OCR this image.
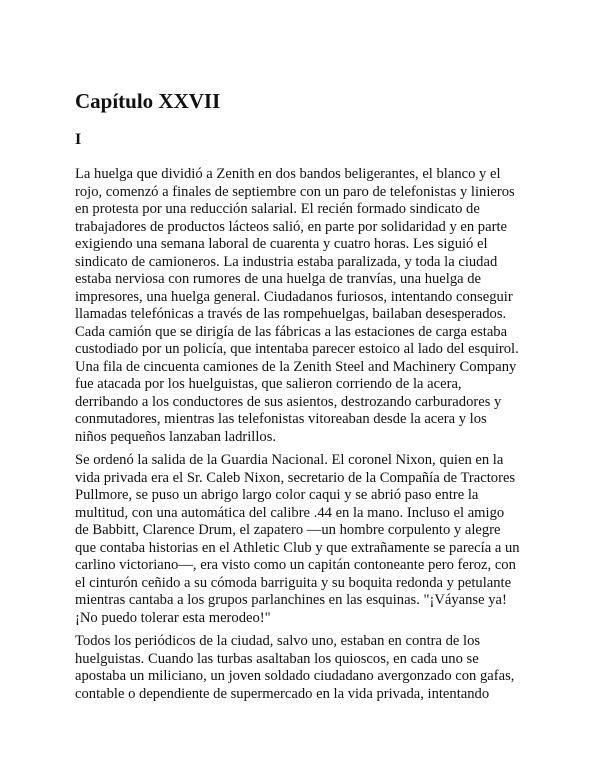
Capítulo XXVII
I
La huelga que dividió a Zenith en dos bandos beligerantes, el blanco y el
rojo, comenzó a finales de septiembre con un paro de telefonistas y linieros
en protesta por una reducción salarial. El recién formado sindicato de
trabajadores de productos lácteos salió, en parte por solidaridad y en parte
exigiendo una semana laboral de cuarenta y cuatro horas. Les siguió el
sindicato de camioneros. La industria estaba paralizada, y toda la ciudad
estaba nerviosa con rumores de una huelga de tranvías, una huelga de
impresores, una huelga general. Ciudadanos furiosos, intentando conseguir
llamadas telefónicas a través de las rompehuelgas, bailaban desesperados.
Cada camión que se dirigía de las fábricas a las estaciones de carga estaba
custodiado por un policía, que intentaba parecer estoico al lado del esquirol.
Una fila de cincuenta camiones de la Zenith Steel and Machinery Company
fue atacada por los huelguistas, que salieron corriendo de la acera,
derribando a los conductores de sus asientos, destrozando carburadores y
conmutadores, mientras las telefonistas vitoreaban desde la acera y los
niños pequeños lanzaban ladrillos.
Se ordenó la salida de la Guardia Nacional. El coronel Nixon, quien en la
vida privada era el Sr. Caleb Nixon, secretario de la Compañía de Tractores
Pullmore, se puso un abrigo largo color caqui y se abrió paso entre la
multitud, con una automática del calibre .44 en la mano. Incluso el amigo
de Babbitt, Clarence Drum, el zapatero —un hombre corpulento y alegre
que contaba historias en el Athletic Club y que extrañamente se parecía a un
carlino victoriano—, era visto como un capitán contoneante pero feroz, con
el cinturón ceñido a su cómoda barriguita y su boquita redonda y petulante
mientras cantaba a los grupos parlanchines en las esquinas. "¡Váyanse ya!
¡No puedo tolerar esta merodeo!"
Todos los periódicos de la ciudad, salvo uno, estaban en contra de los
huelguistas. Cuando las turbas asaltaban los quioscos, en cada uno se
apostaba un miliciano, un joven soldado ciudadano avergonzado con gafas,
contable o dependiente de supermercado en la vida privada, intentando
